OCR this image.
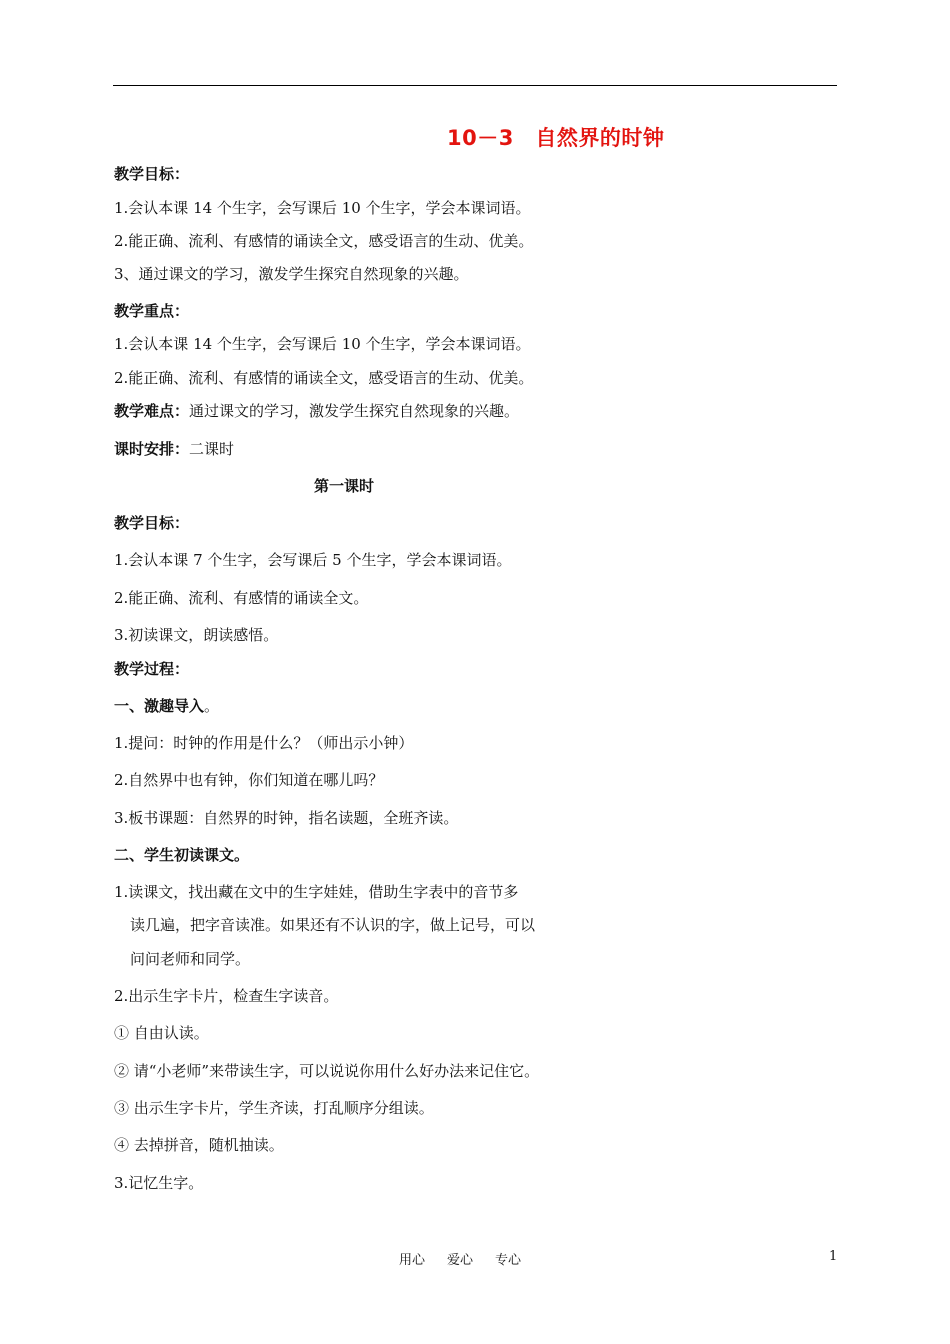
10－3　自然界的时钟
教学目标：
1.会认本课 14 个生字，会写课后 10 个生字，学会本课词语。
2.能正确、流利、有感情的诵读全文，感受语言的生动、优美。
3、通过课文的学习，激发学生探究自然现象的兴趣。
教学重点：
1.会认本课 14 个生字，会写课后 10 个生字，学会本课词语。
2.能正确、流利、有感情的诵读全文，感受语言的生动、优美。
教学难点：通过课文的学习，激发学生探究自然现象的兴趣。
课时安排：二课时
第一课时
教学目标：
1.会认本课 7 个生字，会写课后 5 个生字，学会本课词语。
2.能正确、流利、有感情的诵读全文。
3.初读课文，朗读感悟。
教学过程：
一、激趣导入。
1.提问：时钟的作用是什么？（师出示小钟）
2.自然界中也有钟，你们知道在哪儿吗？
3.板书课题：自然界的时钟，指名读题，全班齐读。
二、学生初读课文。
1.读课文，找出藏在文中的生字娃娃，借助生字表中的音节多
读几遍，把字音读准。如果还有不认识的字，做上记号，可以
问问老师和同学。
2.出示生字卡片，检查生字读音。
① 自由认读。
② 请“小老师”来带读生字，可以说说你用什么好办法来记住它。
③ 出示生字卡片，学生齐读，打乱顺序分组读。
④ 去掉拼音，随机抽读。
3.记忆生字。
用心 爱心 专心	1
